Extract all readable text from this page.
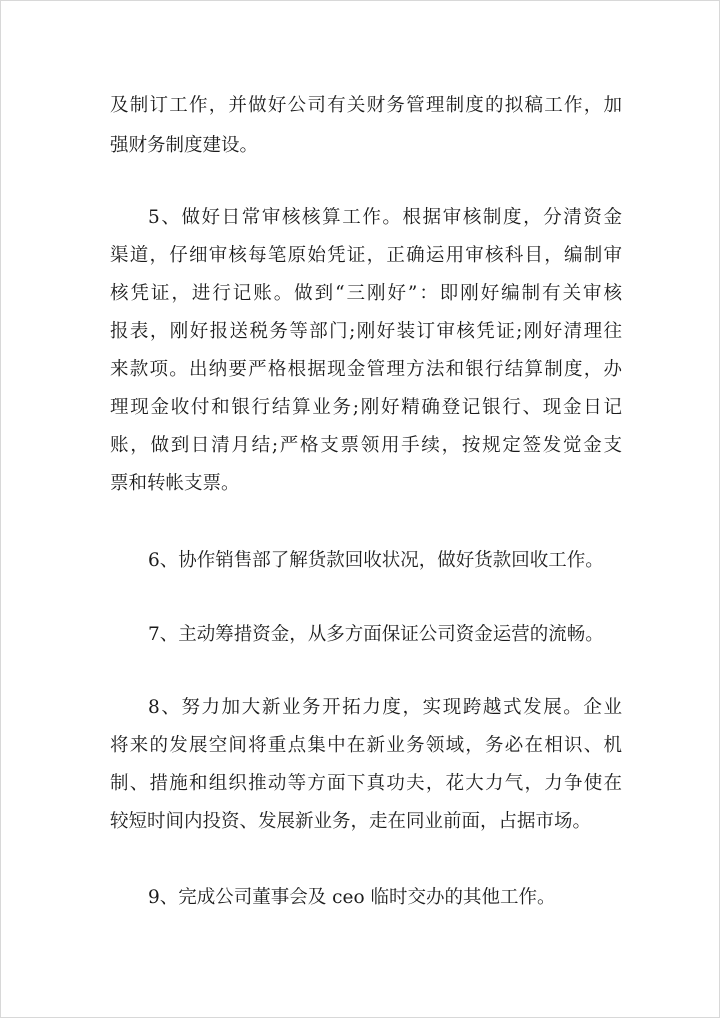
及制订工作，并做好公司有关财务管理制度的拟稿工作，加
强财务制度建设。
5、做好日常审核核算工作。根据审核制度，分清资金
渠道，仔细审核每笔原始凭证，正确运用审核科目，编制审
核凭证，进行记账。做到“三刚好”：即刚好编制有关审核
报表，刚好报送税务等部门;刚好装订审核凭证;刚好清理往
来款项。出纳要严格根据现金管理方法和银行结算制度，办
理现金收付和银行结算业务;刚好精确登记银行、现金日记
账，做到日清月结;严格支票领用手续，按规定签发觉金支
票和转帐支票。
6、协作销售部了解货款回收状况，做好货款回收工作。
7、主动筹措资金，从多方面保证公司资金运营的流畅。
8、努力加大新业务开拓力度，实现跨越式发展。企业
将来的发展空间将重点集中在新业务领域，务必在相识、机
制、措施和组织推动等方面下真功夫，花大力气，力争使在
较短时间内投资、发展新业务，走在同业前面，占据市场。
9、完成公司董事会及 ceo 临时交办的其他工作。
